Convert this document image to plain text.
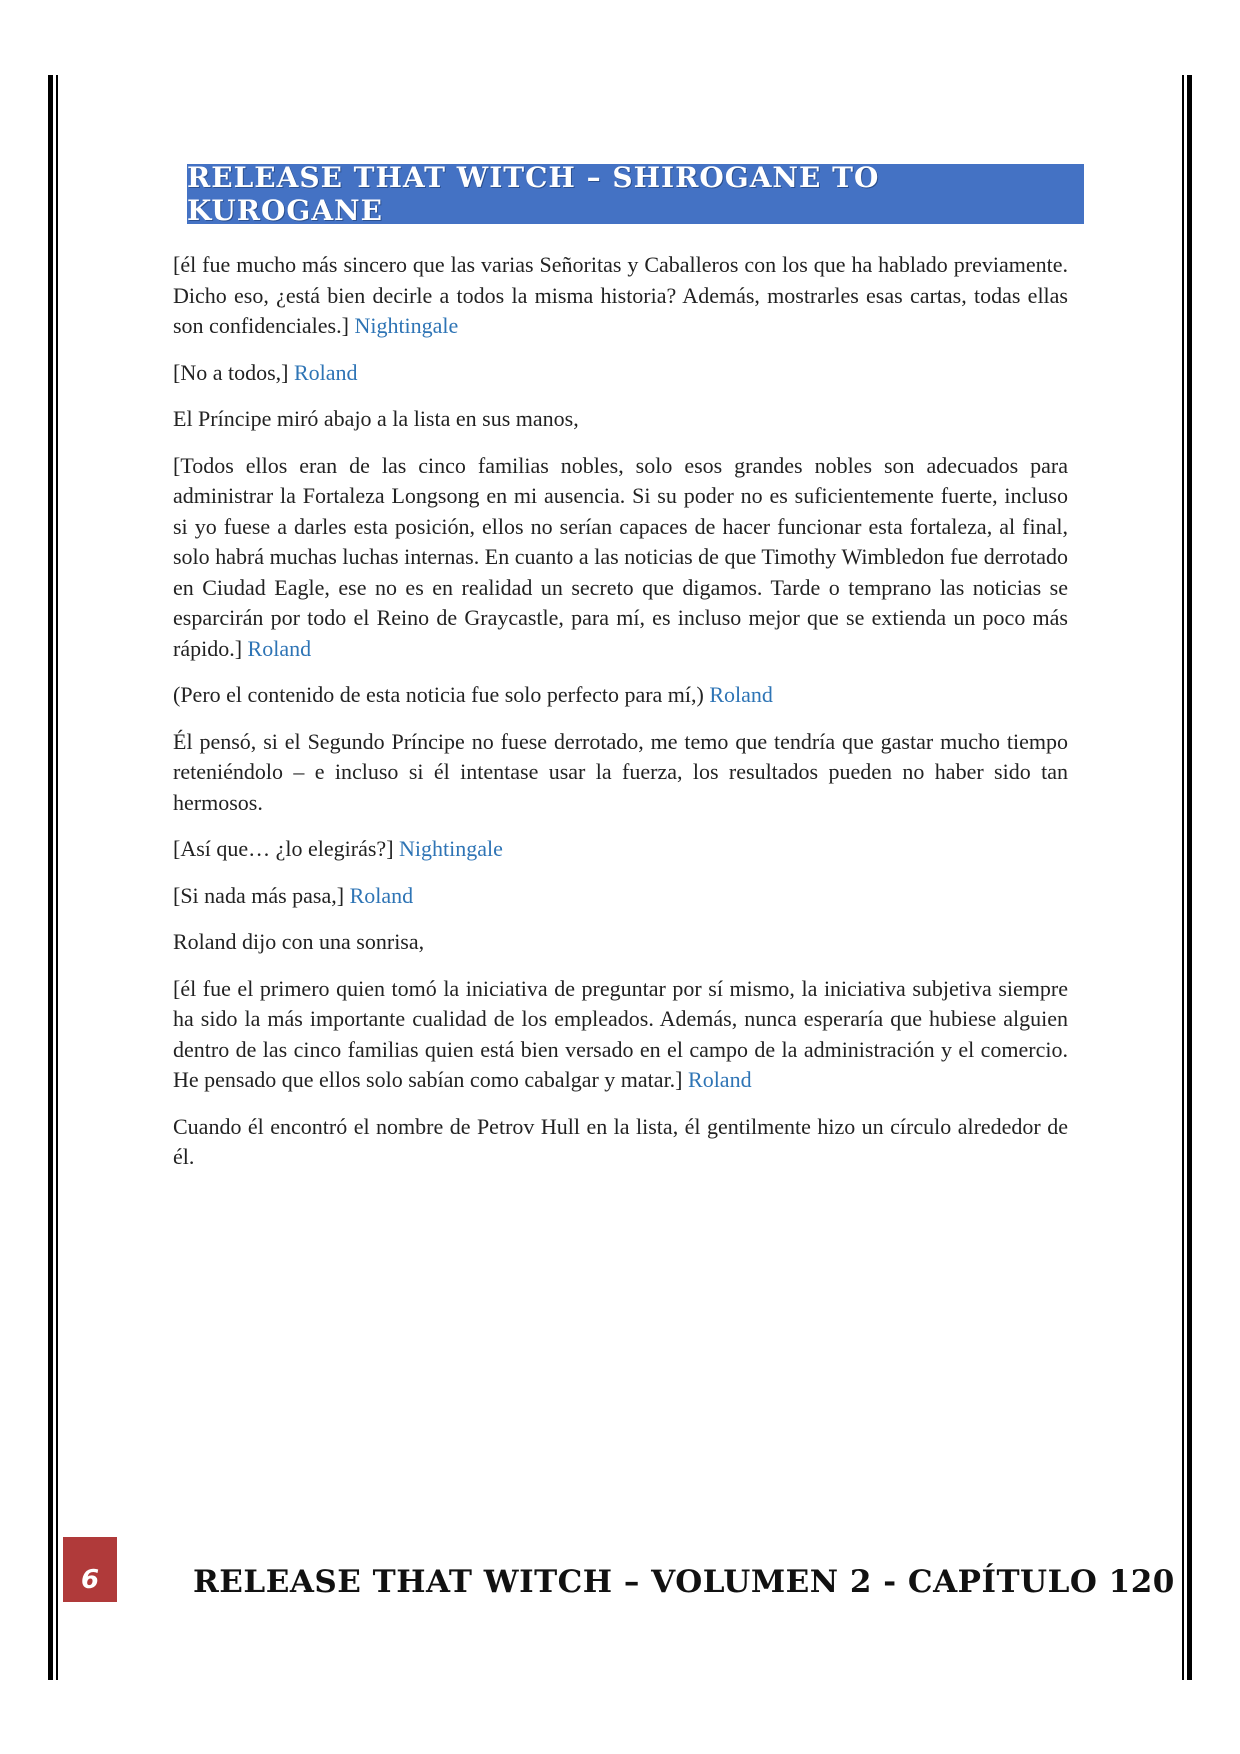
RELEASE THAT WITCH – SHIROGANE TO KUROGANE

[él fue mucho más sincero que las varias Señoritas y Caballeros con los que ha hablado previamente. Dicho eso, ¿está bien decirle a todos la misma historia? Además, mostrarles esas cartas, todas ellas son confidenciales.] Nightingale

[No a todos,] Roland

El Príncipe miró abajo a la lista en sus manos,

[Todos ellos eran de las cinco familias nobles, solo esos grandes nobles son adecuados para administrar la Fortaleza Longsong en mi ausencia. Si su poder no es suficientemente fuerte, incluso si yo fuese a darles esta posición, ellos no serían capaces de hacer funcionar esta fortaleza, al final, solo habrá muchas luchas internas. En cuanto a las noticias de que Timothy Wimbledon fue derrotado en Ciudad Eagle, ese no es en realidad un secreto que digamos. Tarde o temprano las noticias se esparcirán por todo el Reino de Graycastle, para mí, es incluso mejor que se extienda un poco más rápido.] Roland

(Pero el contenido de esta noticia fue solo perfecto para mí,) Roland

Él pensó, si el Segundo Príncipe no fuese derrotado, me temo que tendría que gastar mucho tiempo reteniéndolo – e incluso si él intentase usar la fuerza, los resultados pueden no haber sido tan hermosos.

[Así que… ¿lo elegirás?] Nightingale

[Si nada más pasa,] Roland

Roland dijo con una sonrisa,

[él fue el primero quien tomó la iniciativa de preguntar por sí mismo, la iniciativa subjetiva siempre ha sido la más importante cualidad de los empleados. Además, nunca esperaría que hubiese alguien dentro de las cinco familias quien está bien versado en el campo de la administración y el comercio. He pensado que ellos solo sabían como cabalgar y matar.] Roland

Cuando él encontró el nombre de Petrov Hull en la lista, él gentilmente hizo un círculo alrededor de él.

6	RELEASE THAT WITCH – VOLUMEN 2 - CAPÍTULO 120
